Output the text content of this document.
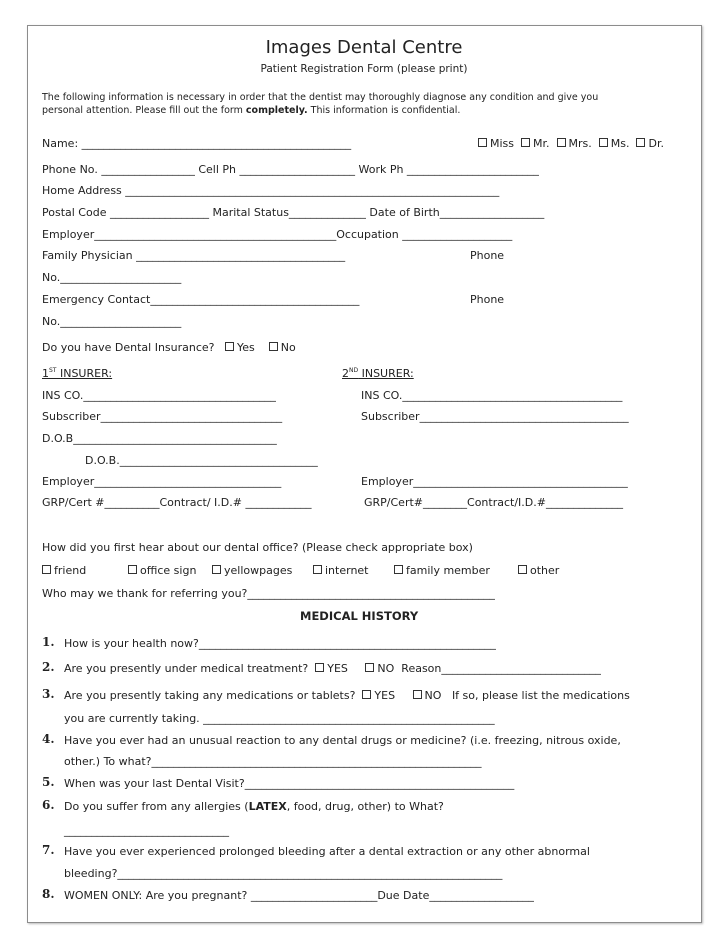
Images Dental Centre
Patient Registration Form (please print)
The following information is necessary in order that the dentist may thoroughly diagnose any condition and give you
personal attention. Please fill out the form completely. This information is confidential.
Name: _________________________________________________	Miss Mr. Mrs. Ms. Dr.
Phone No. _________________ Cell Ph _____________________ Work Ph ________________________
Home Address ____________________________________________________________________
Postal Code __________________ Marital Status______________ Date of Birth___________________
Employer____________________________________________Occupation ____________________
Family Physician ______________________________________	Phone
No.______________________
Emergency Contact______________________________________	Phone
No.______________________
Do you have Dental Insurance? Yes No
1ST INSURER:	2ND INSURER:
INS CO.___________________________________	INS CO.________________________________________
Subscriber_________________________________	Subscriber______________________________________
D.O.B_____________________________________
D.O.B.____________________________________
Employer__________________________________	Employer_______________________________________
GRP/Cert #__________Contract/ I.D.# ____________	GRP/Cert#________Contract/I.D.#______________
How did you first hear about our dental office? (Please check appropriate box)
friend	office sign	yellowpages	internet	family member	other
Who may we thank for referring you?_____________________________________________
MEDICAL HISTORY
1. How is your health now?______________________________________________________
2. Are you presently under medical treatment? YES	NO Reason_____________________________
3. Are you presently taking any medications or tablets? YES	NO If so, please list the medications
you are currently taking. _____________________________________________________
4. Have you ever had an unusual reaction to any dental drugs or medicine? (i.e. freezing, nitrous oxide,
other.) To what?____________________________________________________________
5. When was your last Dental Visit?_________________________________________________
6. Do you suffer from any allergies (LATEX, food, drug, other) to What?
______________________________
7. Have you ever experienced prolonged bleeding after a dental extraction or any other abnormal
bleeding?______________________________________________________________________
8. WOMEN ONLY: Are you pregnant? _______________________Due Date___________________
